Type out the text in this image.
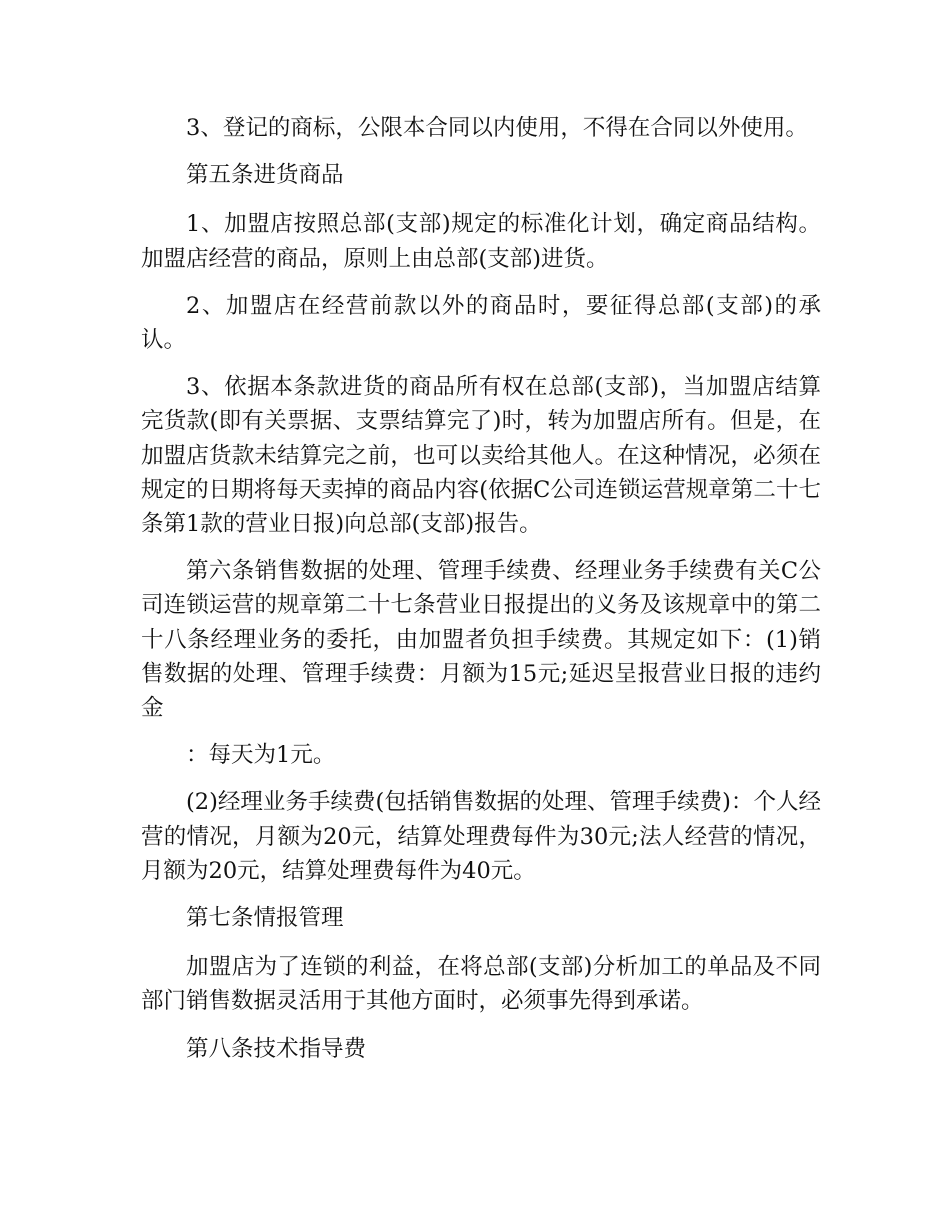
3、登记的商标，公限本合同以内使用，不得在合同以外使用。

第五条进货商品

1、加盟店按照总部(支部)规定的标准化计划，确定商品结构。加盟店经营的商品，原则上由总部(支部)进货。

2、加盟店在经营前款以外的商品时，要征得总部(支部)的承认。

3、依据本条款进货的商品所有权在总部(支部)，当加盟店结算完货款(即有关票据、支票结算完了)时，转为加盟店所有。但是，在加盟店货款未结算完之前，也可以卖给其他人。在这种情况，必须在规定的日期将每天卖掉的商品内容(依据C公司连锁运营规章第二十七条第1款的营业日报)向总部(支部)报告。

第六条销售数据的处理、管理手续费、经理业务手续费有关C公司连锁运营的规章第二十七条营业日报提出的义务及该规章中的第二十八条经理业务的委托，由加盟者负担手续费。其规定如下：(1)销售数据的处理、管理手续费：月额为15元;延迟呈报营业日报的违约金

：每天为1元。

(2)经理业务手续费(包括销售数据的处理、管理手续费)：个人经营的情况，月额为20元，结算处理费每件为30元;法人经营的情况，月额为20元，结算处理费每件为40元。

第七条情报管理

加盟店为了连锁的利益，在将总部(支部)分析加工的单品及不同部门销售数据灵活用于其他方面时，必须事先得到承诺。

第八条技术指导费
